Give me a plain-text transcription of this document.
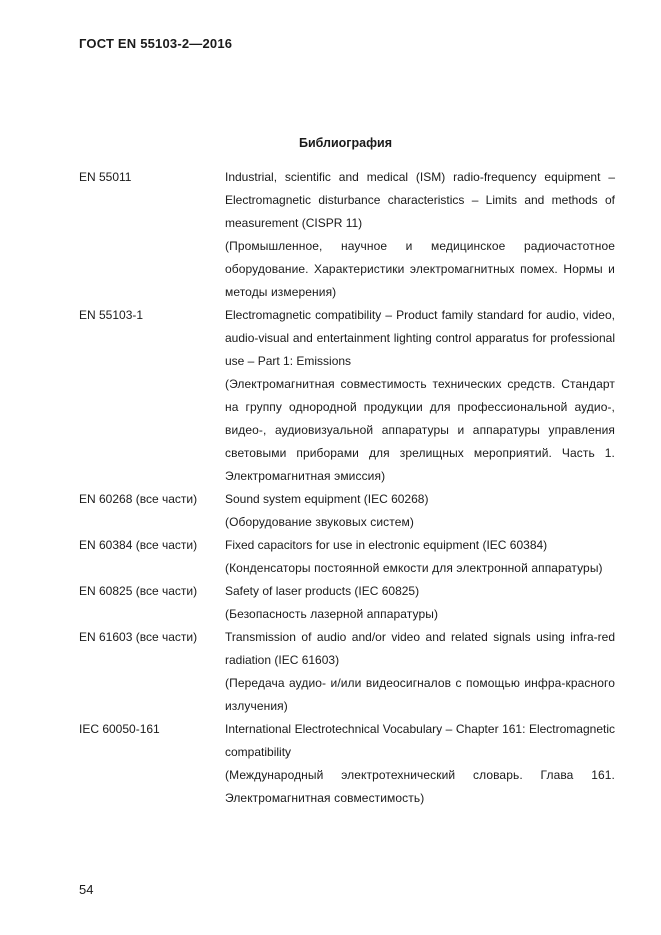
ГОСТ EN 55103-2—2016
Библиография
EN 55011	Industrial, scientific and medical (ISM) radio-frequency equipment – Electromagnetic disturbance characteristics – Limits and methods of measurement (CISPR 11)

(Промышленное, научное и медицинское радиочастотное оборудование. Характеристики электромагнитных помех. Нормы и методы измерения)

EN 55103-1	Electromagnetic compatibility – Product family standard for audio, video, audio-visual and entertainment lighting control apparatus for professional use – Part 1: Emissions

(Электромагнитная совместимость технических средств. Стандарт на группу однородной продукции для профессиональной аудио-, видео-, аудиовизуальной аппаратуры и аппаратуры управления световыми приборами для зрелищных мероприятий. Часть 1. Электромагнитная эмиссия)

EN 60268 (все части)	Sound system equipment (IEC 60268)

(Оборудование звуковых систем)

EN 60384 (все части)	Fixed capacitors for use in electronic equipment (IEC 60384)

(Конденсаторы постоянной емкости для электронной аппаратуры)

EN 60825 (все части)	Safety of laser products (IEC 60825)

(Безопасность лазерной аппаратуры)

EN 61603 (все части)	Transmission of audio and/or video and related signals using infra-red radiation (IEC 61603)

(Передача аудио- и/или видеосигналов с помощью инфра-красного излучения)

IEC 60050-161	International Electrotechnical Vocabulary – Chapter 161: Electromagnetic compatibility

(Международный электротехнический словарь. Глава 161. Электромагнитная совместимость)

54
